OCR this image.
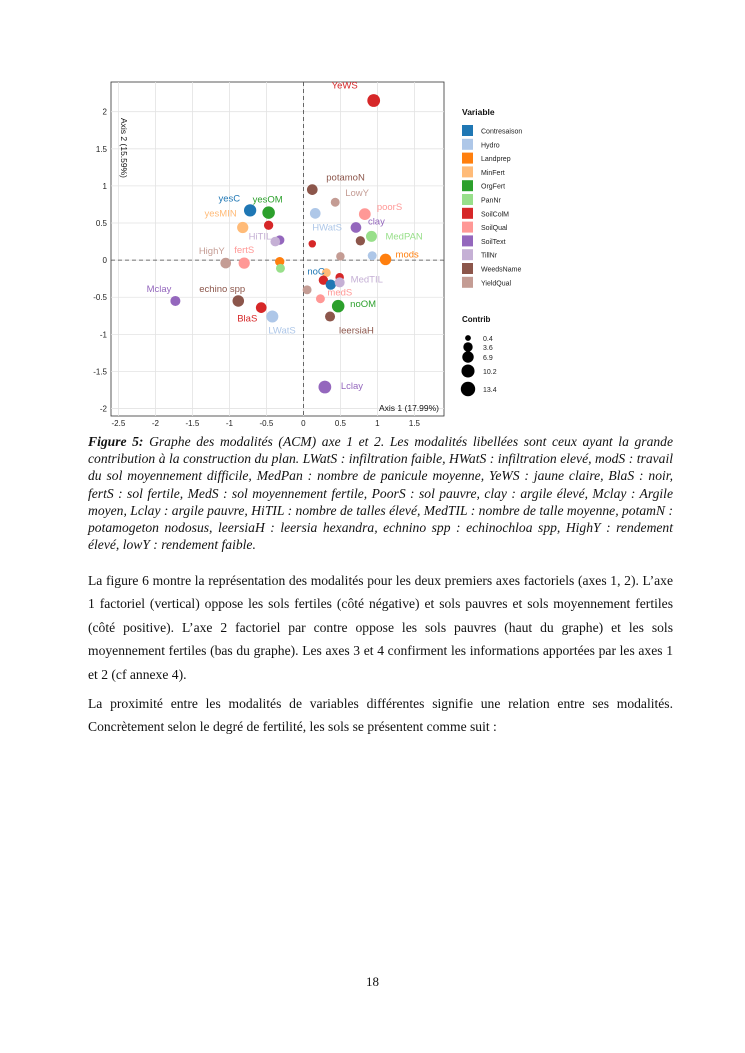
-2.5	-2	-1.5	-1	-0.5	0	0.5	1	1.5
2
1.5
1
0.5
0
-0.5
-1
-1.5
-2
YeWS
potamoN
LowY
poorS
HWatS
clay
MedPAN
mods
yesC yesOM
yesMIN
HiTIL
HighY fertS
Mclay	echino spp
BlaS
LWatS
noC
MedTIL
medS
noOM
leersiaH
Lclay
Axis 2 (15.59%)
Axis 1 (17.99%)
Variable
Contresaison
Hydro
Landprep
MinFert
OrgFert
PanNr
SoilColM
SoilQual
SoilText
TillNr
WeedsName
YieldQual
Contrib
0.4
3.6
6.9
10.2
13.4
Figure 5: Graphe des modalités (ACM) axe 1 et 2. Les modalités libellées sont ceux ayant la grande contribution à la construction du plan. LWatS : infiltration faible, HWatS : infiltration elevé, modS : travail du sol moyennement difficile, MedPan : nombre de panicule moyenne, YeWS : jaune claire, BlaS : noir, fertS : sol fertile, MedS : sol moyennement fertile, PoorS : sol pauvre, clay : argile élevé, Mclay : Argile moyen, Lclay : argile pauvre, HiTIL : nombre de talles élevé, MedTIL : nombre de talle moyenne, potamN : potamogeton nodosus, leersiaH : leersia hexandra, echnino spp : echinochloa spp, HighY : rendement élevé, lowY : rendement faible.

La figure 6 montre la représentation des modalités pour les deux premiers axes factoriels (axes 1, 2). L’axe 1 factoriel (vertical) oppose les sols fertiles (côté négative) et sols pauvres et sols moyennement fertiles (côté positive). L’axe 2 factoriel par contre oppose les sols pauvres (haut du graphe) et les sols moyennement fertiles (bas du graphe). Les axes 3 et 4 confirment les informations apportées par les axes 1 et 2 (cf annexe 4).

La proximité entre les modalités de variables différentes signifie une relation entre ses modalités. Concrètement selon le degré de fertilité, les sols se présentent comme suit :

18
